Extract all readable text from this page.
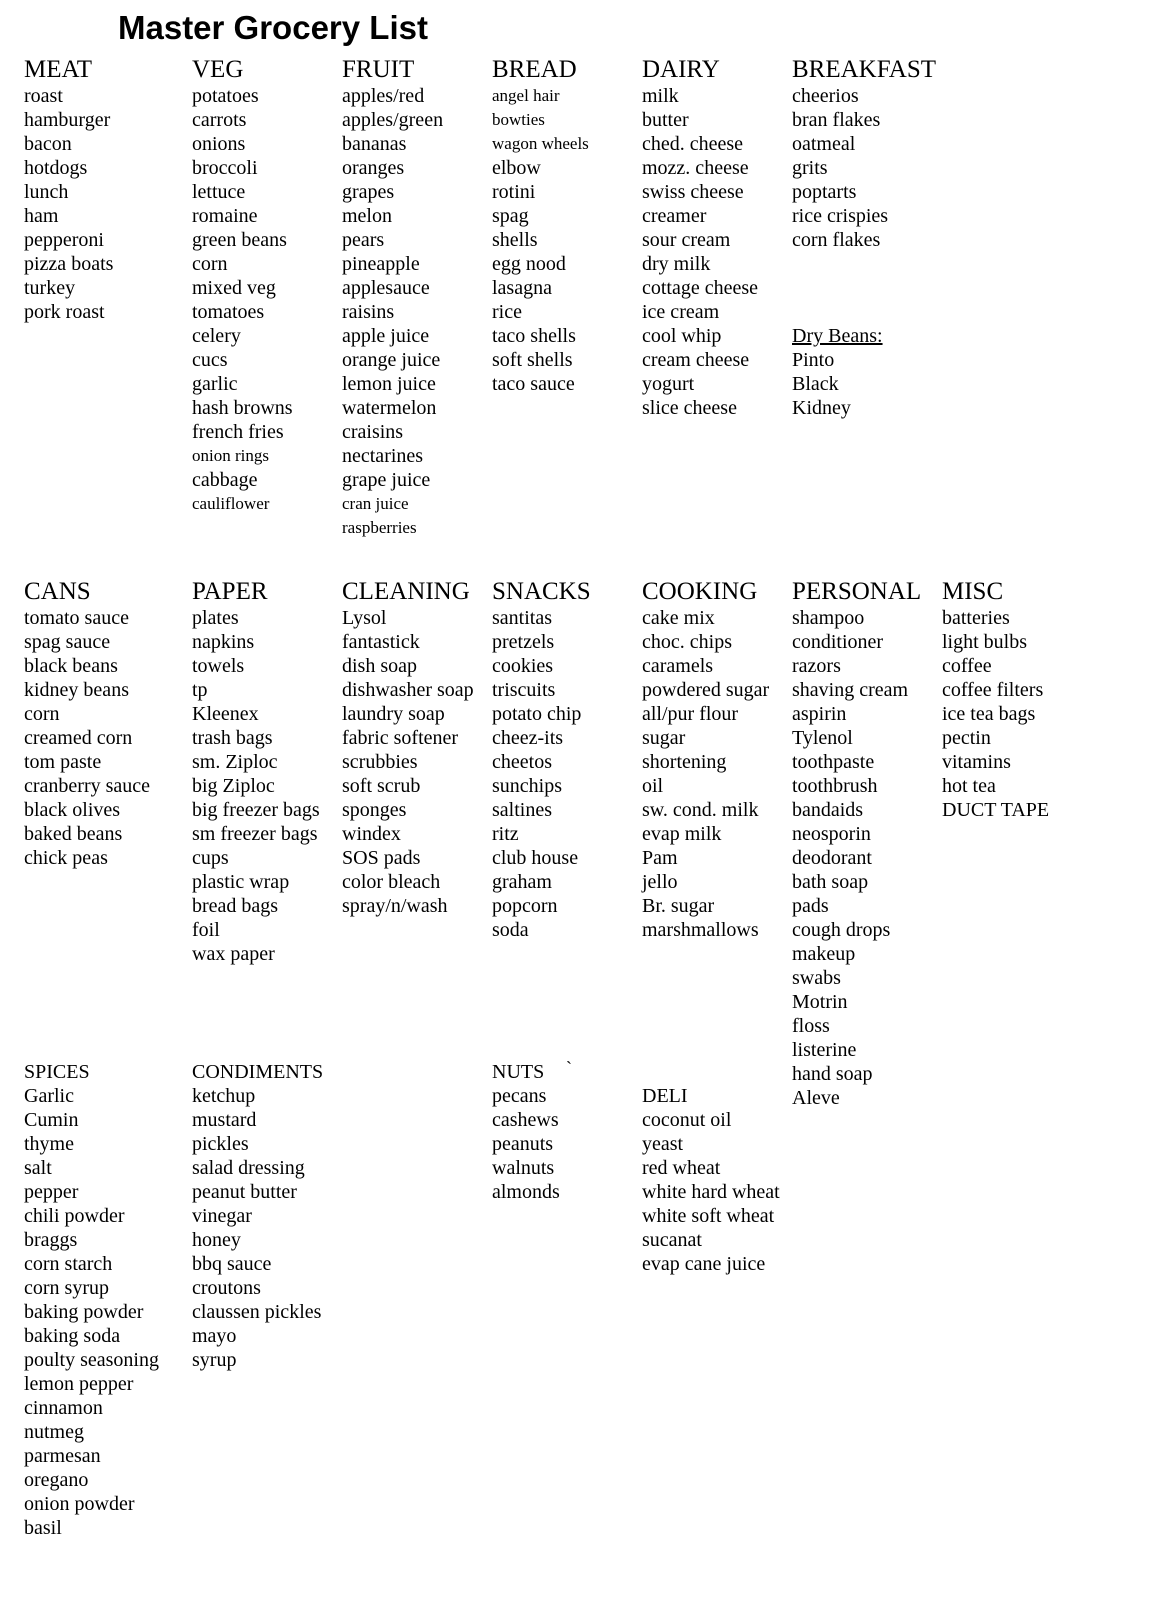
Master Grocery List
MEAT
roast
hamburger
bacon
hotdogs
lunch
ham
pepperoni
pizza boats
turkey
pork roast
VEG
potatoes
carrots
onions
broccoli
lettuce
romaine
green beans
corn
mixed veg
tomatoes
celery
cucs
garlic
hash browns
french fries
onion rings
cabbage
cauliflower
FRUIT
apples/red
apples/green
bananas
oranges
grapes
melon
pears
pineapple
applesauce
raisins
apple juice
orange juice
lemon juice
watermelon
craisins
nectarines
grape juice
cran juice
raspberries
BREAD
angel hair
bowties
wagon wheels
elbow
rotini
spag
shells
egg nood
lasagna
rice
taco shells
soft shells
taco sauce
DAIRY
milk
butter
ched. cheese
mozz. cheese
swiss cheese
creamer
sour cream
dry milk
cottage cheese
ice cream
cool whip
cream cheese
yogurt
slice cheese
BREAKFAST
cheerios
bran flakes
oatmeal
grits
poptarts
rice crispies
corn flakes
Dry Beans:
Pinto
Black
Kidney
CANS
tomato sauce
spag sauce
black beans
kidney beans
corn
creamed corn
tom paste
cranberry sauce
black olives
baked beans
chick peas
PAPER
plates
napkins
towels
tp
Kleenex
trash bags
sm. Ziploc
big Ziploc
big freezer bags
sm freezer bags
cups
plastic wrap
bread bags
foil
wax paper
CLEANING
Lysol
fantastick
dish soap
dishwasher soap
laundry soap
fabric softener
scrubbies
soft scrub
sponges
windex
SOS pads
color bleach
spray/n/wash
SNACKS
santitas
pretzels
cookies
triscuits
potato chip
cheez-its
cheetos
sunchips
saltines
ritz
club house
graham
popcorn
soda
COOKING
cake mix
choc. chips
caramels
powdered sugar
all/pur flour
sugar
shortening
oil
sw. cond. milk
evap milk
Pam
jello
Br. sugar
marshmallows
PERSONAL
shampoo
conditioner
razors
shaving cream
aspirin
Tylenol
toothpaste
toothbrush
bandaids
neosporin
deodorant
bath soap
pads
cough drops
makeup
swabs
Motrin
floss
listerine
hand soap
Aleve
MISC
batteries
light bulbs
coffee
coffee filters
ice tea bags
pectin
vitamins
hot tea
DUCT TAPE
SPICES
Garlic
Cumin
thyme
salt
pepper
chili powder
braggs
corn starch
corn syrup
baking powder
baking soda
poulty seasoning
lemon pepper
cinnamon
nutmeg
parmesan
oregano
onion powder
basil
CONDIMENTS
ketchup
mustard
pickles
salad dressing
peanut butter
vinegar
honey
bbq sauce
croutons
claussen pickles
mayo
syrup
NUTS
pecans
cashews
peanuts
walnuts
almonds
`
DELI
coconut oil
yeast
red wheat
white hard wheat
white soft wheat
sucanat
evap cane juice
